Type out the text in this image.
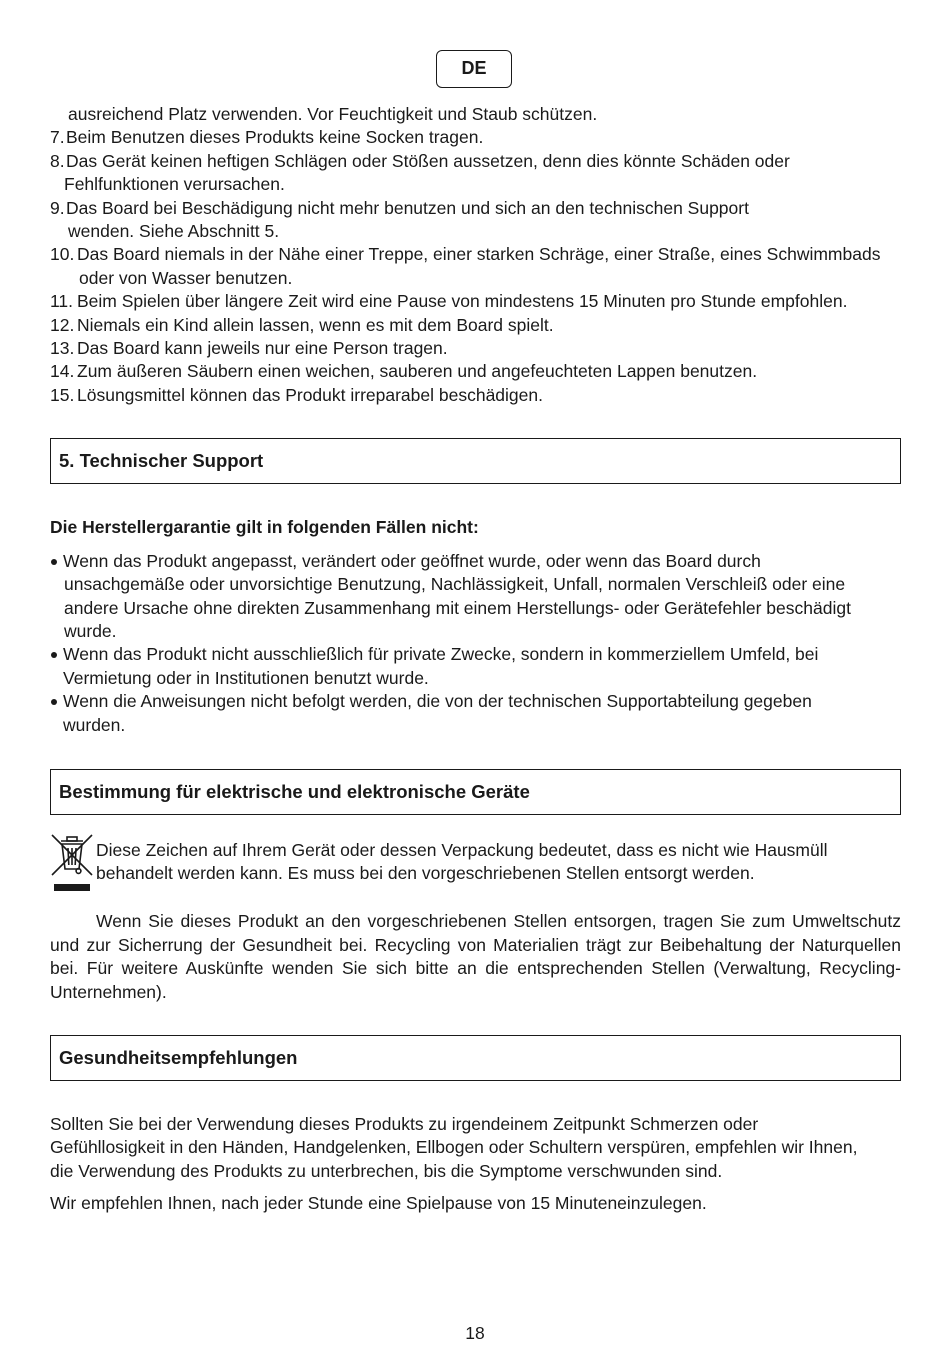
DE
ausreichend Platz verwenden. Vor Feuchtigkeit und Staub schützen.
7. Beim Benutzen dieses Produkts keine Socken tragen.
8. Das Gerät keinen heftigen Schlägen oder Stößen aussetzen, denn dies könnte Schäden oder
Fehlfunktionen verursachen.
9. Das Board bei Beschädigung nicht mehr benutzen und sich an den technischen Support
wenden. Siehe Abschnitt 5.
10. Das Board niemals in der Nähe einer Treppe, einer starken Schräge, einer Straße, eines Schwimmbads
oder von Wasser benutzen.
11. Beim Spielen über längere Zeit wird eine Pause von mindestens 15 Minuten pro Stunde empfohlen.
12. Niemals ein Kind allein lassen, wenn es mit dem Board spielt.
13. Das Board kann jeweils nur eine Person tragen.
14. Zum äußeren Säubern einen weichen, sauberen und angefeuchteten Lappen benutzen.
15. Lösungsmittel können das Produkt irreparabel beschädigen.
5. Technischer Support
Die Herstellergarantie gilt in folgenden Fällen nicht:
Wenn das Produkt angepasst, verändert oder geöffnet wurde, oder wenn das Board durch
unsachgemäße oder unvorsichtige Benutzung, Nachlässigkeit, Unfall, normalen Verschleiß oder eine
andere Ursache ohne direkten Zusammenhang mit einem Herstellungs- oder Gerätefehler beschädigt
wurde.
Wenn das Produkt nicht ausschließlich für private Zwecke, sondern in kommerziellem Umfeld, bei
Vermietung oder in Institutionen benutzt wurde.
Wenn die Anweisungen nicht befolgt werden, die von der technischen Supportabteilung gegeben
wurden.
Bestimmung für elektrische und elektronische Geräte
Diese Zeichen auf Ihrem Gerät oder dessen Verpackung bedeutet, dass es nicht wie Hausmüll
behandelt werden kann. Es muss bei den vorgeschriebenen Stellen entsorgt werden.
Wenn Sie dieses Produkt an den vorgeschriebenen Stellen entsorgen, tragen Sie zum Umweltschutz und zur Sicherrung der Gesundheit bei. Recycling von Materialien trägt zur Beibehaltung der Naturquellen bei. Für weitere Auskünfte wenden Sie sich bitte an die entsprechenden Stellen (Verwaltung, Recycling-Unternehmen).
Gesundheitsempfehlungen
Sollten Sie bei der Verwendung dieses Produkts zu irgendeinem Zeitpunkt Schmerzen oder
Gefühllosigkeit in den Händen, Handgelenken, Ellbogen oder Schultern verspüren, empfehlen wir Ihnen,
die Verwendung des Produkts zu unterbrechen, bis die Symptome verschwunden sind.
Wir empfehlen Ihnen, nach jeder Stunde eine Spielpause von 15 Minuteneinzulegen.
18
